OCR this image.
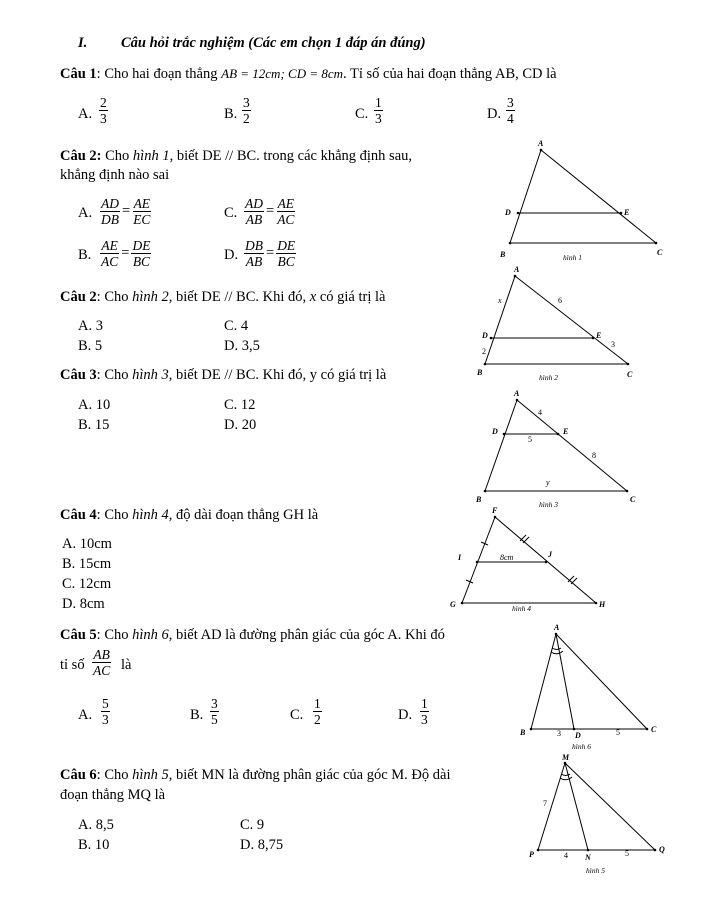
I. Câu hỏi trắc nghiệm (Các em chọn 1 đáp án đúng)
Câu 1: Cho hai đoạn thẳng AB = 12cm; CD = 8cm. Tỉ số của hai đoạn thẳng AB, CD là
A. $\frac{2}{3}$	B. $\frac{3}{2}$	C. $\frac{1}{3}$	D. $\frac{3}{4}$
Câu 2: Cho hình 1, biết DE // BC. trong các khẳng định sau,
khẳng định nào sai
A. $\frac{AD}{DB} = \frac{AE}{EC}$	C. $\frac{AD}{AB} = \frac{AE}{AC}$
B. $\frac{AE}{AC} = \frac{DE}{BC}$	D. $\frac{DB}{AB} = \frac{DE}{BC}$
Câu 2: Cho hình 2, biết DE // BC. Khi đó, x có giá trị là
A. 3	C. 4
B. 5	D. 3,5
Câu 3: Cho hình 3, biết DE // BC. Khi đó, y có giá trị là
A. 10	C. 12
B. 15	D. 20
Câu 4: Cho hình 4, độ dài đoạn thẳng GH là
A. 10cm
B. 15cm
C. 12cm
D. 8cm
Câu 5: Cho hình 6, biết AD là đường phân giác của góc A. Khi đó
tỉ số $\frac{AB}{AC}$ là
A. $\frac{5}{3}$	B. $\frac{3}{5}$	C. $\frac{1}{2}$	D. $\frac{1}{3}$
Câu 6: Cho hình 5, biết MN là đường phân giác của góc M. Độ dài
đoạn thẳng MQ là
A. 8,5	C. 9
B. 10	D. 8,75
A
D	E
B	C
hình 1
A
D	E
B	C
x	6
2
3
hình 2
A
D	E
B	C
4
5
8
y
hình 3
F
I	J
G	H
8cm
hình 4
A
B	D
C
3	5
hình 6
M
P	N
Q
7
4	5
hình 5
